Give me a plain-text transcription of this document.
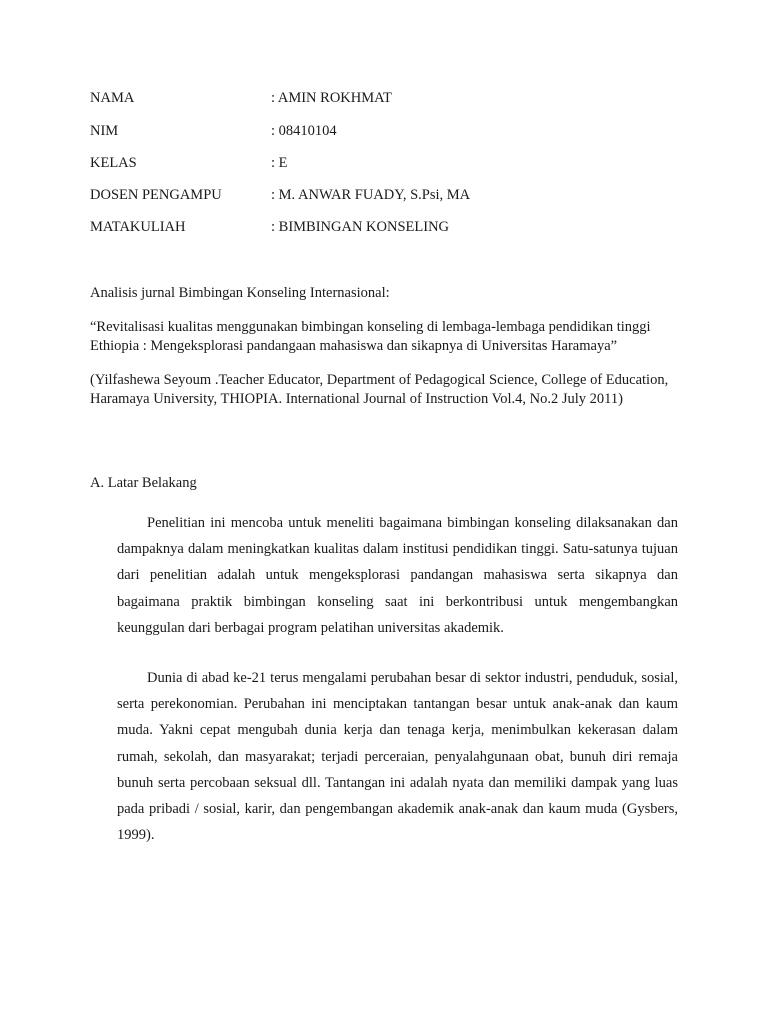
NAMA	: AMIN ROKHMAT
NIM	: 08410104
KELAS	: E
DOSEN PENGAMPU	: M. ANWAR FUADY, S.Psi, MA
MATAKULIAH	: BIMBINGAN KONSELING
Analisis jurnal Bimbingan Konseling Internasional:
“Revitalisasi kualitas menggunakan bimbingan konseling di lembaga-lembaga pendidikan tinggi Ethiopia : Mengeksplorasi pandangaan mahasiswa dan sikapnya di Universitas Haramaya”
(Yilfashewa Seyoum .Teacher Educator, Department of Pedagogical Science, College of Education, Haramaya University, THIOPIA. International Journal of Instruction Vol.4, No.2 July 2011)
A. Latar Belakang
Penelitian ini mencoba untuk meneliti bagaimana bimbingan konseling dilaksanakan dan dampaknya dalam meningkatkan kualitas dalam institusi pendidikan tinggi. Satu-satunya tujuan dari penelitian adalah untuk mengeksplorasi pandangan mahasiswa serta sikapnya dan bagaimana praktik bimbingan konseling saat ini berkontribusi untuk mengembangkan keunggulan dari berbagai program pelatihan universitas akademik.
Dunia di abad ke-21 terus mengalami perubahan besar di sektor industri, penduduk, sosial, serta perekonomian. Perubahan ini menciptakan tantangan besar untuk anak-anak dan kaum muda. Yakni cepat mengubah dunia kerja dan tenaga kerja, menimbulkan kekerasan dalam rumah, sekolah, dan masyarakat; terjadi perceraian, penyalahgunaan obat, bunuh diri remaja bunuh serta percobaan seksual dll. Tantangan ini adalah nyata dan memiliki dampak yang luas pada pribadi / sosial, karir, dan pengembangan akademik anak-anak dan kaum muda (Gysbers, 1999).
